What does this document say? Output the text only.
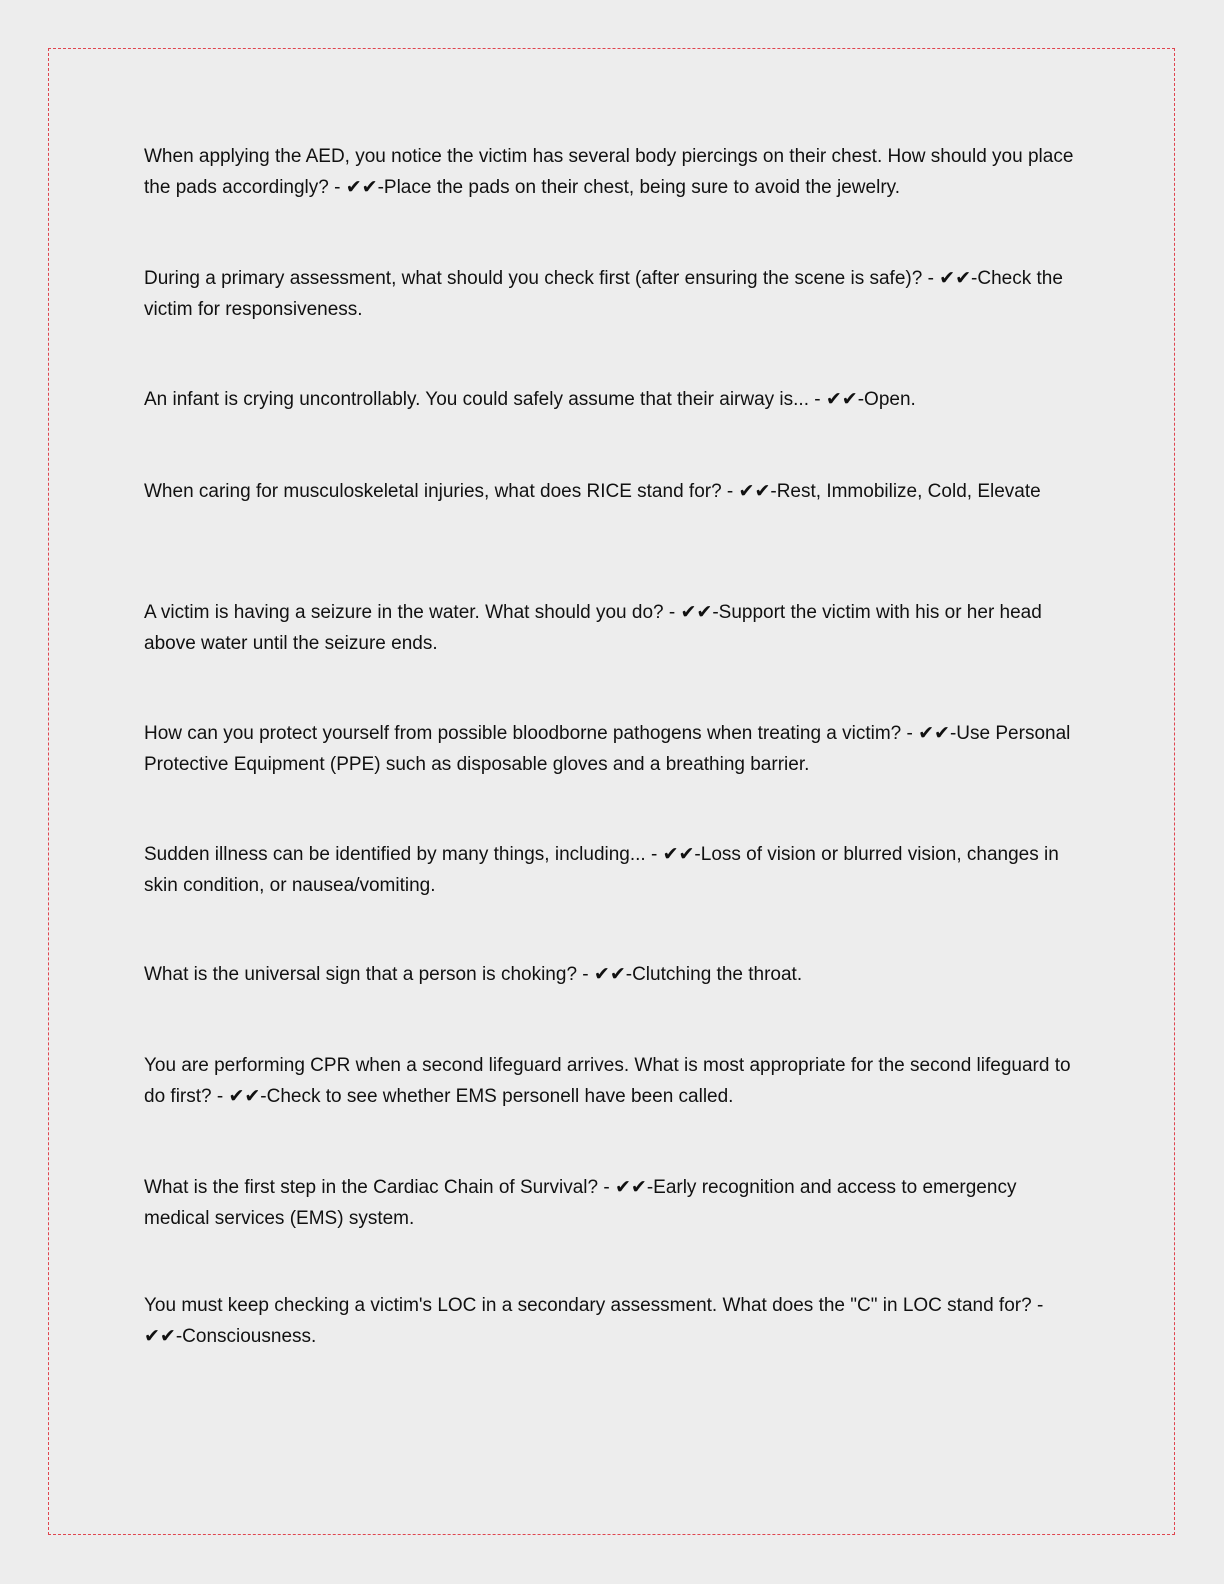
When applying the AED, you notice the victim has several body piercings on their chest. How should you place the pads accordingly? - ✔✔-Place the pads on their chest, being sure to avoid the jewelry.
During a primary assessment, what should you check first (after ensuring the scene is safe)? - ✔✔-Check the victim for responsiveness.
An infant is crying uncontrollably. You could safely assume that their airway is... - ✔✔-Open.
When caring for musculoskeletal injuries, what does RICE stand for? - ✔✔-Rest, Immobilize, Cold, Elevate
A victim is having a seizure in the water. What should you do? - ✔✔-Support the victim with his or her head above water until the seizure ends.
How can you protect yourself from possible bloodborne pathogens when treating a victim? - ✔✔-Use Personal Protective Equipment (PPE) such as disposable gloves and a breathing barrier.
Sudden illness can be identified by many things, including... - ✔✔-Loss of vision or blurred vision, changes in skin condition, or nausea/vomiting.
What is the universal sign that a person is choking? - ✔✔-Clutching the throat.
You are performing CPR when a second lifeguard arrives. What is most appropriate for the second lifeguard to do first? - ✔✔-Check to see whether EMS personell have been called.
What is the first step in the Cardiac Chain of Survival? - ✔✔-Early recognition and access to emergency medical services (EMS) system.
You must keep checking a victim's LOC in a secondary assessment. What does the "C" in LOC stand for? - ✔✔-Consciousness.
